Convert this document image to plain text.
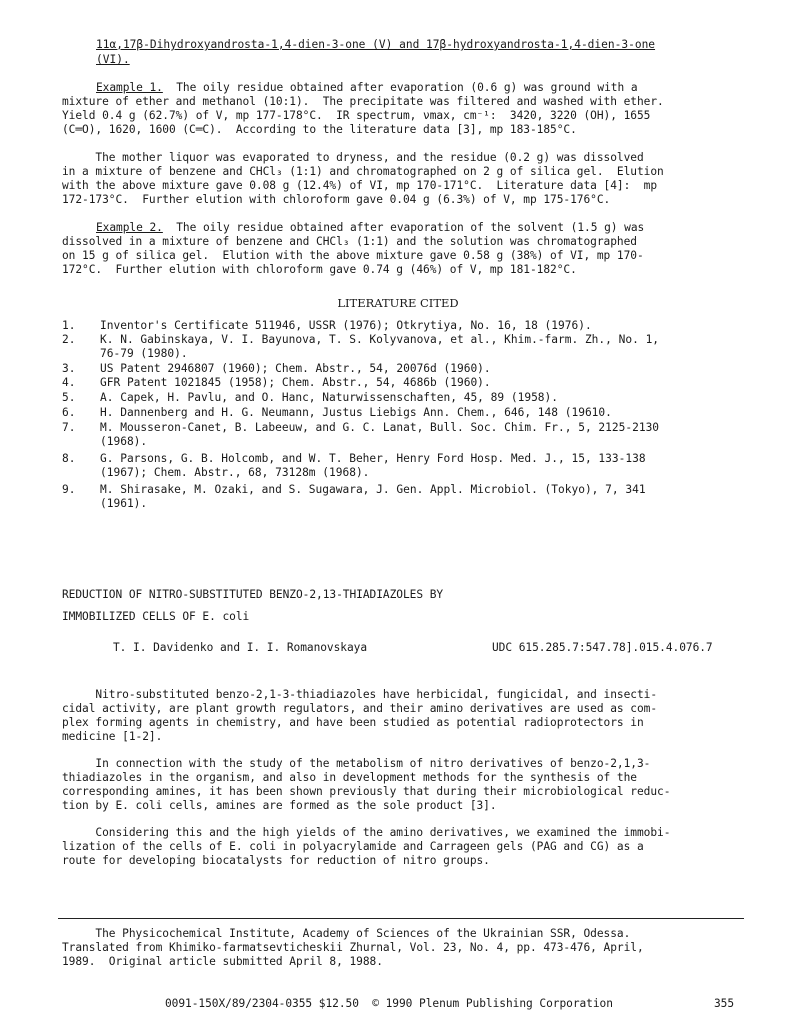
11α,17β-Dihydroxyandrosta-1,4-dien-3-one (V) and 17β-hydroxyandrosta-1,4-dien-3-one
(VI).
Example 1.  The oily residue obtained after evaporation (0.6 g) was ground with a
mixture of ether and methanol (10:1).  The precipitate was filtered and washed with ether.
Yield 0.4 g (62.7%) of V, mp 177-178°C.  IR spectrum, νmax, cm⁻¹:  3420, 3220 (OH), 1655
(C═O), 1620, 1600 (C═C).  According to the literature data [3], mp 183-185°C.
The mother liquor was evaporated to dryness, and the residue (0.2 g) was dissolved
in a mixture of benzene and CHCl₃ (1:1) and chromatographed on 2 g of silica gel.  Elution
with the above mixture gave 0.08 g (12.4%) of VI, mp 170-171°C.  Literature data [4]:  mp
172-173°C.  Further elution with chloroform gave 0.04 g (6.3%) of V, mp 175-176°C.
Example 2.  The oily residue obtained after evaporation of the solvent (1.5 g) was
dissolved in a mixture of benzene and CHCl₃ (1:1) and the solution was chromatographed
on 15 g of silica gel.  Elution with the above mixture gave 0.58 g (38%) of VI, mp 170-
172°C.  Further elution with chloroform gave 0.74 g (46%) of V, mp 181-182°C.
LITERATURE CITED
1. Inventor's Certificate 511946, USSR (1976); Otkrytiya, No. 16, 18 (1976).
2. K. N. Gabinskaya, V. I. Bayunova, T. S. Kolyvanova, et al., Khim.-farm. Zh., No. 1,
76-79 (1980).
3. US Patent 2946807 (1960); Chem. Abstr., 54, 20076d (1960).
4. GFR Patent 1021845 (1958); Chem. Abstr., 54, 4686b (1960).
5. A. Capek, H. Pavlu, and O. Hanc, Naturwissenschaften, 45, 89 (1958).
6. H. Dannenberg and H. G. Neumann, Justus Liebigs Ann. Chem., 646, 148 (19610.
7. M. Mousseron-Canet, B. Labeeuw, and G. C. Lanat, Bull. Soc. Chim. Fr., 5, 2125-2130
(1968).
8. G. Parsons, G. B. Holcomb, and W. T. Beher, Henry Ford Hosp. Med. J., 15, 133-138
(1967); Chem. Abstr., 68, 73128m (1968).
9. M. Shirasake, M. Ozaki, and S. Sugawara, J. Gen. Appl. Microbiol. (Tokyo), 7, 341
(1961).
REDUCTION OF NITRO-SUBSTITUTED BENZO-2,13-THIADIAZOLES BY
IMMOBILIZED CELLS OF E. coli
T. I. Davidenko and I. I. Romanovskaya	UDC 615.285.7:547.78].015.4.076.7
Nitro-substituted benzo-2,1-3-thiadiazoles have herbicidal, fungicidal, and insecti-
cidal activity, are plant growth regulators, and their amino derivatives are used as com-
plex forming agents in chemistry, and have been studied as potential radioprotectors in
medicine [1-2].
In connection with the study of the metabolism of nitro derivatives of benzo-2,1,3-
thiadiazoles in the organism, and also in development methods for the synthesis of the
corresponding amines, it has been shown previously that during their microbiological reduc-
tion by E. coli cells, amines are formed as the sole product [3].
Considering this and the high yields of the amino derivatives, we examined the immobi-
lization of the cells of E. coli in polyacrylamide and Carrageen gels (PAG and CG) as a
route for developing biocatalysts for reduction of nitro groups.
The Physicochemical Institute, Academy of Sciences of the Ukrainian SSR, Odessa.
Translated from Khimiko-farmatsevticheskii Zhurnal, Vol. 23, No. 4, pp. 473-476, April,
1989.  Original article submitted April 8, 1988.
0091-150X/89/2304-0355 $12.50  © 1990 Plenum Publishing Corporation	355
